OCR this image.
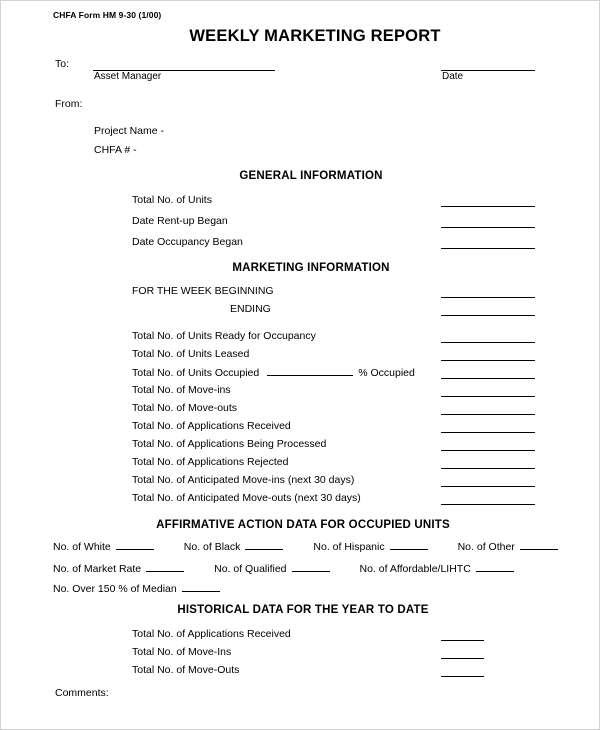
CHFA Form HM 9-30 (1/00)
WEEKLY MARKETING REPORT
To:
Asset Manager	Date
From:
Project Name -
CHFA # -
GENERAL INFORMATION
Total No. of Units
Date Rent-up Began
Date Occupancy Began
MARKETING INFORMATION
FOR THE WEEK BEGINNING
ENDING
Total No. of Units Ready for Occupancy
Total No. of Units Leased
Total No. of Units Occupied	% Occupied
Total No. of Move-ins
Total No. of Move-outs
Total No. of Applications Received
Total No. of Applications Being Processed
Total No. of Applications Rejected
Total No. of Anticipated Move-ins (next 30 days)
Total No. of Anticipated Move-outs (next 30 days)
AFFIRMATIVE ACTION DATA FOR OCCUPIED UNITS
No. of White	No. of Black	No. of Hispanic	No. of Other
No. of Market Rate	No. of Qualified	No. of Affordable/LIHTC
No. Over 150 % of Median
HISTORICAL DATA FOR THE YEAR TO DATE
Total No. of Applications Received
Total No. of Move-Ins
Total No. of Move-Outs
Comments:
